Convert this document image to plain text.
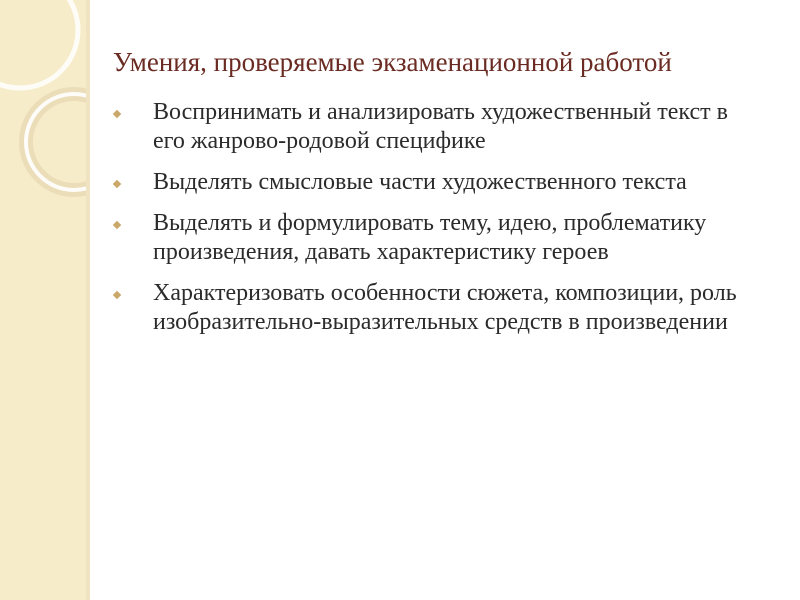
Умения, проверяемые экзаменационной работой
Воспринимать и анализировать художественный текст в его жанрово-родовой специфике
Выделять смысловые части художественного текста
Выделять и формулировать тему, идею, проблематику произведения, давать характеристику героев
Характеризовать особенности сюжета, композиции, роль изобразительно-выразительных средств в произведении
